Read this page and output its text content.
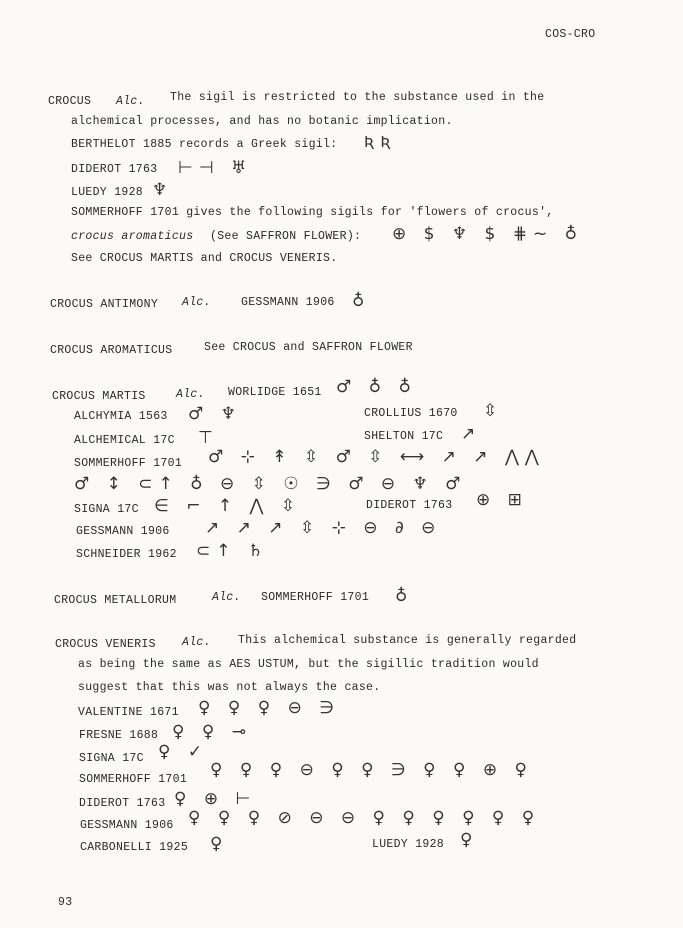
COS-CRO
CROCUS Alc. The sigil is restricted to the substance used in the
alchemical processes, and has no botanic implication.
BERTHELOT 1885 records a Greek sigil: ƦƦ
DIDEROT 1763 ⊢⊣ ♅
LUEDY 1928 ♆
SOMMERHOFF 1701 gives the following sigils for 'flowers of crocus',
crocus aromaticus (See SAFFRON FLOWER): ⊕ $ ♆ $ ⋕~ ♁
See CROCUS MARTIS and CROCUS VENERIS.
CROCUS ANTIMONY Alc.	GESSMANN 1906 ♁
CROCUS AROMATICUS	See CROCUS and SAFFRON FLOWER
CROCUS MARTIS	Alc. WORLIDGE 1651 ♂ ♁ ♁
ALCHYMIA 1563 ♂ ♆	CROLLIUS 1670 ⇳
ALCHEMICAL 17C ⊤	SHELTON 17C ↗
SOMMERHOFF 1701 ♂ ⊹ ↟ ⇳ ♂ ⇳ ⟷ ↗ ↗ ⋀⋀
♂ ↕ ⊂↑ ♁ ⊖ ⇳ ☉ ∋ ♂ ⊖ ♆ ♂
SIGNA 17C ∈ ⌐ ↑ ⋀ ⇳	DIDEROT 1763 ⊕ ⊞
GESSMANN 1906 ↗ ↗ ↗ ⇳ ⊹ ⊖ ∂ ⊖
SCHNEIDER 1962 ⊂↑ ♄
CROCUS METALLORUM	Alc. SOMMERHOFF 1701 ♁
CROCUS VENERIS Alc. This alchemical substance is generally regarded
as being the same as AES USTUM, but the sigillic tradition would
suggest that this was not always the case.
VALENTINE 1671 ♀ ♀ ♀ ⊖ ∋
FRESNE 1688 ♀ ♀ ⊸
SIGNA 17C ♀ ✓
SOMMERHOFF 1701 ♀ ♀ ♀ ⊖ ♀ ♀ ∋ ♀ ♀ ⊕ ♀
DIDEROT 1763 ♀ ⊕ ⊢
GESSMANN 1906 ♀ ♀ ♀ ⊘ ⊖ ⊖ ♀ ♀ ♀ ♀ ♀ ♀
CARBONELLI 1925 ♀	LUEDY 1928 ♀
93
